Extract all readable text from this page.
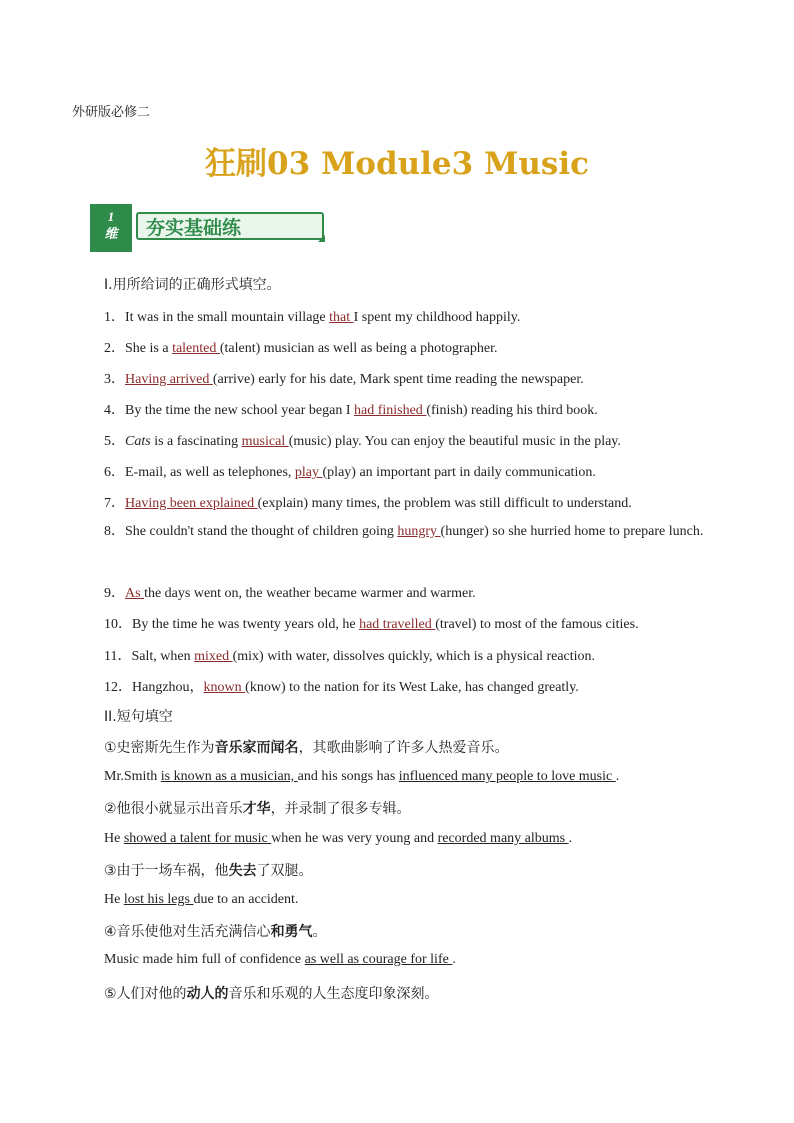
外研版必修二
狂刷03 Module3 Music
1
维	夯实基础练
Ⅰ.用所给词的正确形式填空。
1．It was in the small mountain village that I spent my childhood happily.
2．She is a talented (talent) musician as well as being a photographer.
3．Having arrived (arrive) early for his date, Mark spent time reading the newspaper.
4．By the time the new school year began I had finished (finish) reading his third book.
5．Cats is a fascinating musical (music) play. You can enjoy the beautiful music in the play.
6．E-mail, as well as telephones, play (play) an important part in daily communication.
7．Having been explained (explain) many times, the problem was still difficult to understand.
8．She couldn't stand the thought of children going hungry (hunger) so she hurried home to prepare lunch.
9．As the days went on, the weather became warmer and warmer.
10．By the time he was twenty years old, he had travelled (travel) to most of the famous cities.
11．Salt, when mixed (mix) with water, dissolves quickly, which is a physical reaction.
12．Hangzhou，known (know) to the nation for its West Lake, has changed greatly.
II.短句填空
①史密斯先生作为音乐家而闻名，其歌曲影响了许多人热爱音乐。
Mr.Smith is known as a musician, and his songs has influenced many people to love music .
②他很小就显示出音乐才华，并录制了很多专辑。
He showed a talent for music when he was very young and recorded many albums .
③由于一场车祸，他失去了双腿。
He lost his legs due to an accident.
④音乐使他对生活充满信心和勇气。
Music made him full of confidence as well as courage for life .
⑤人们对他的动人的音乐和乐观的人生态度印象深刻。
